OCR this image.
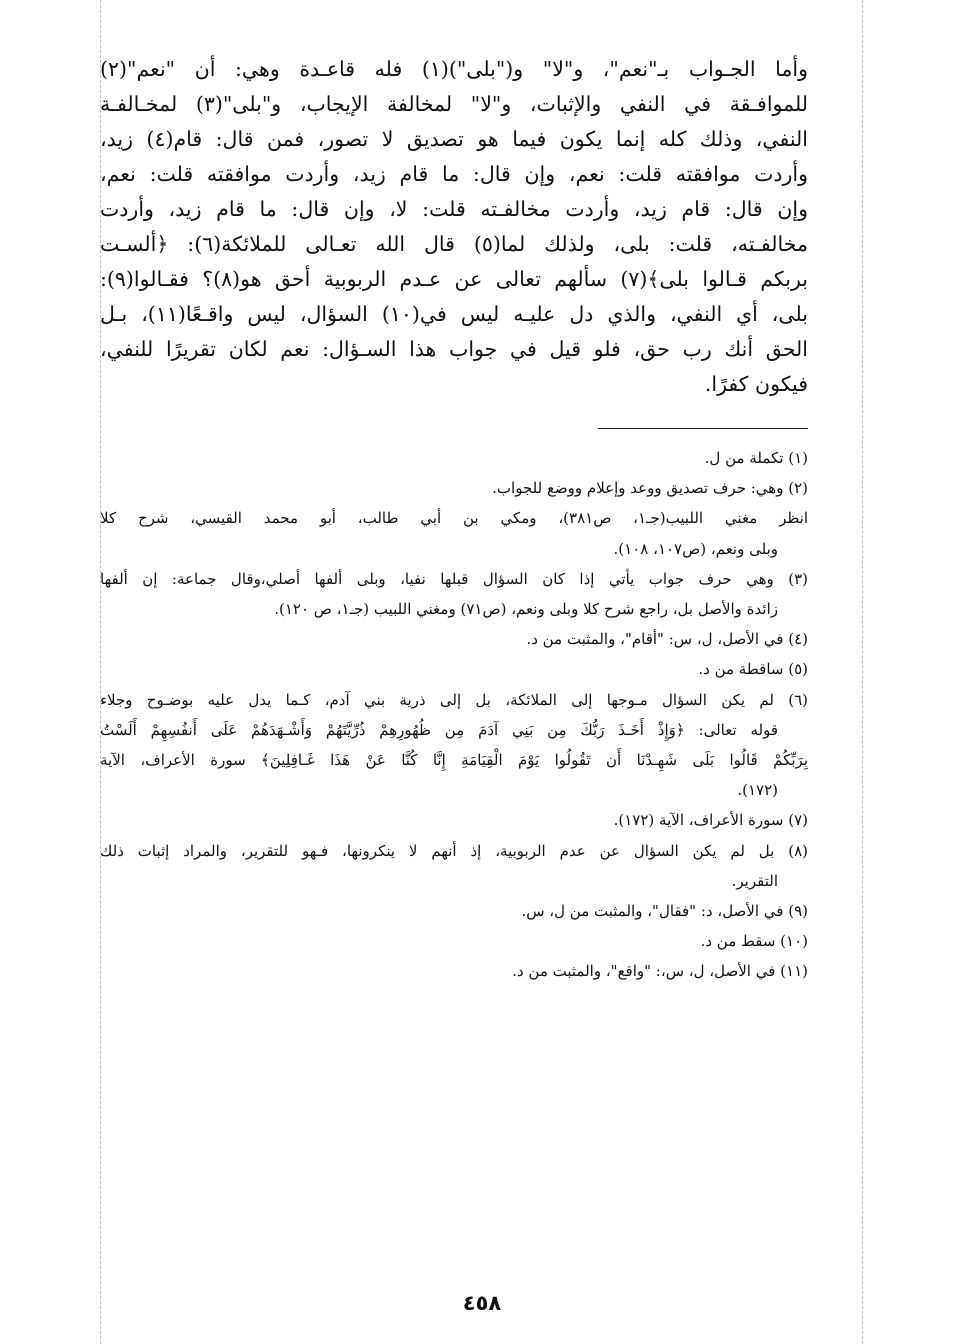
وأما الجـواب بـ"نعم"، و"لا" و("بلى")(١) فله قاعـدة وهي: أن "نعم"(٢)
للموافـقة في النفي والإثبات، و"لا" لمخالفة الإيجاب، و"بلى"(٣) لمخـالفـة
النفي، وذلك كله إنما يكون فيما هو تصديق لا تصور، فمن قال: قام(٤) زيد،
وأردت موافقته قلت: نعم، وإن قال: ما قام زيد، وأردت موافقته قلت: نعم،
وإن قال: قام زيد، وأردت مخالفـته قلت: لا، وإن قال: ما قام زيد، وأردت
مخالفـته، قلت: بلى، ولذلك لما(٥) قال الله تعـالى للملائكة(٦): ﴿ألسـت
بربكم قـالوا بلى﴾(٧) سألهم تعالى عن عـدم الربوبية أحق هو(٨)؟ فقـالوا(٩):
بلى، أي النفي، والذي دل عليـه ليس في(١٠) السؤال، ليس واقـعًا(١١)، بـل
الحق أنك رب حق، فلو قيل في جواب هذا السـؤال: نعم لكان تقريرًا للنفي،
فيكون كفرًا.
(١) تكملة من ل.
(٢) وهي: حرف تصديق ووعد وإعلام ووضع للجواب.
انظر مغني اللبيب(جـ١، ص٣٨١)، ومكي بن أبي طالب، أبو محمد القيسي، شرح كلا
وبلى ونعم، (ص١٠٧، ١٠٨).
(٣) وهي حرف جواب يأتي إذا كان السؤال قبلها نفيا، وبلى ألفها أصلي،وقال جماعة: إن ألفها
زائدة والأصل بل، راجع شرح كلا وبلى ونعم، (ص٧١) ومغني اللبيب (جـ١، ص ١٢٠).
(٤) في الأصل، ل، س: "أقام"، والمثبت من د.
(٥) ساقطة من د.
(٦) لم يكن السؤال مـوجها إلى الملائكة، بل إلى ذرية بني آدم، كـما يدل عليه بوضـوح وجلاء
قوله تعالى: ﴿وَإِذْ أَخَـذَ رَبُّكَ مِن بَنِي آدَمَ مِن ظُهُورِهِمْ ذُرِّيَّتَهُمْ وَأَشْـهَدَهُمْ عَلَى أَنفُسِهِمْ أَلَسْتُ
بِرَبِّكُمْ قَالُوا بَلَى شَهِـدْنَا أَن تَقُولُوا يَوْمَ الْقِيَامَةِ إِنَّا كُنَّا عَنْ هَذَا غَـافِلِينَ﴾ سورة الأعراف، الآية
(١٧٢).
(٧) سورة الأعراف، الآية (١٧٢).
(٨) بل لم يكن السؤال عن عدم الربوبية، إذ أنهم لا ينكرونها، فـهو للتقرير، والمراد إثبات ذلك
التقرير.
(٩) في الأصل، د: "فقال"، والمثبت من ل، س.
(١٠) سقط من د.
(١١) في الأصل، ل، س،: "واقع"، والمثبت من د.
٤٥٨
